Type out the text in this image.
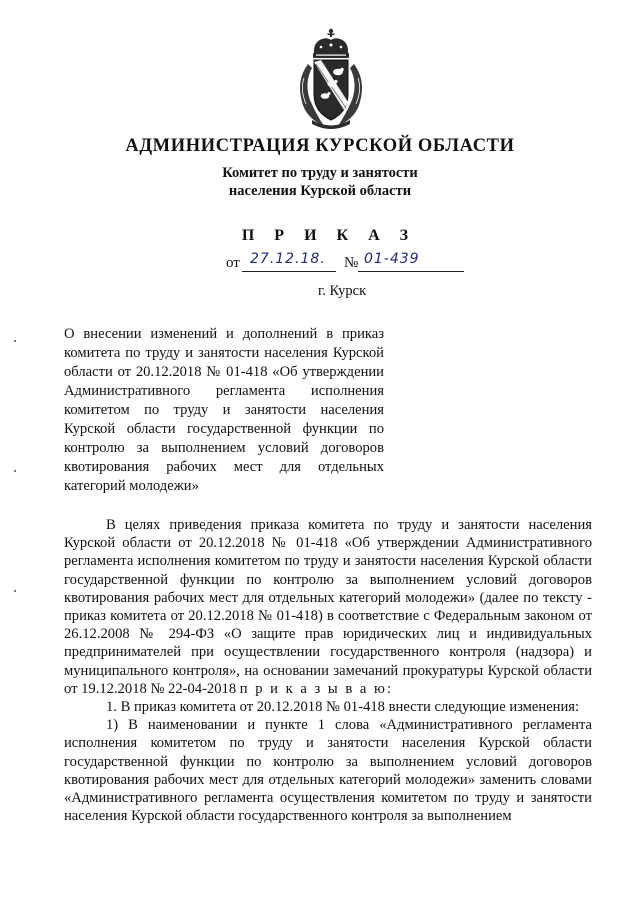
АДМИНИСТРАЦИЯ КУРСКОЙ ОБЛАСТИ
Комитет по труду и занятости
населения Курской области
П Р И К А З
от 27.12.18. № 01-439
г. Курск
О внесении изменений и дополнений в приказ комитета по труду и занятости населения Курской области от 20.12.2018 № 01-418 «Об утверждении Административного регламента исполнения комитетом по труду и занятости населения Курской области государственной функции по контролю за выполнением условий договоров квотирования рабочих мест для отдельных категорий молодежи»

В целях приведения приказа комитета по труду и занятости населения Курской области от 20.12.2018 № 01-418 «Об утверждении Административного регламента исполнения комитетом по труду и занятости населения Курской области государственной функции по контролю за выполнением условий договоров квотирования рабочих мест для отдельных категорий молодежи» (далее по тексту - приказ комитета от 20.12.2018 № 01-418) в соответствие с Федеральным законом от 26.12.2008 № 294-ФЗ «О защите прав юридических лиц и индивидуальных предпринимателей при осуществлении государственного контроля (надзора) и муниципального контроля», на основании замечаний прокуратуры Курской области от 19.12.2018 № 22-04-2018 п р и к а з ы в а ю:

1. В приказ комитета от 20.12.2018 № 01-418 внести следующие изменения:

1) В наименовании и пункте 1 слова «Административного регламента исполнения комитетом по труду и занятости населения Курской области государственной функции по контролю за выполнением условий договоров квотирования рабочих мест для отдельных категорий молодежи» заменить словами «Административного регламента осуществления комитетом по труду и занятости населения Курской области государственного контроля за выполнением
